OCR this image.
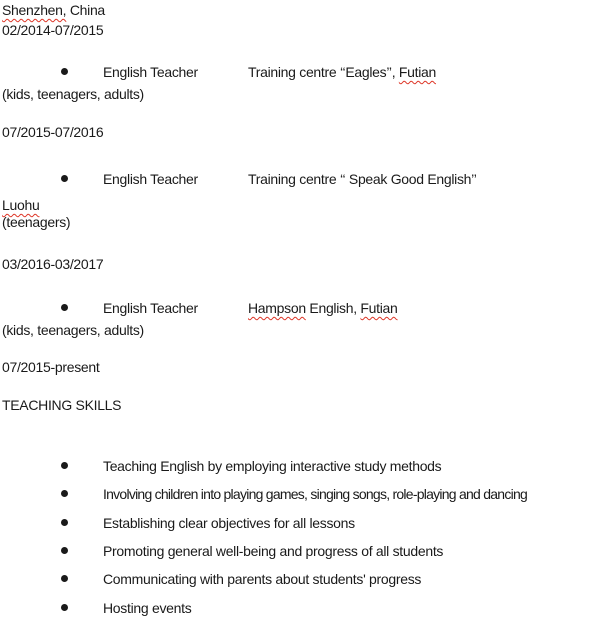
Shenzhen, China
02/2014-07/2015
English Teacher	Training centre ‘‘Eagles’’, Futian
(kids, teenagers, adults)
07/2015-07/2016
English Teacher	Training centre ‘‘ Speak Good English’’
Luohu
(teenagers)
03/2016-03/2017
English Teacher	Hampson English, Futian
(kids, teenagers, adults)
07/2015-present
TEACHING SKILLS
Teaching English by employing interactive study methods
Involving children into playing games, singing songs, role-playing and dancing
Establishing clear objectives for all lessons
Promoting general well-being and progress of all students
Communicating with parents about students' progress
Hosting events
